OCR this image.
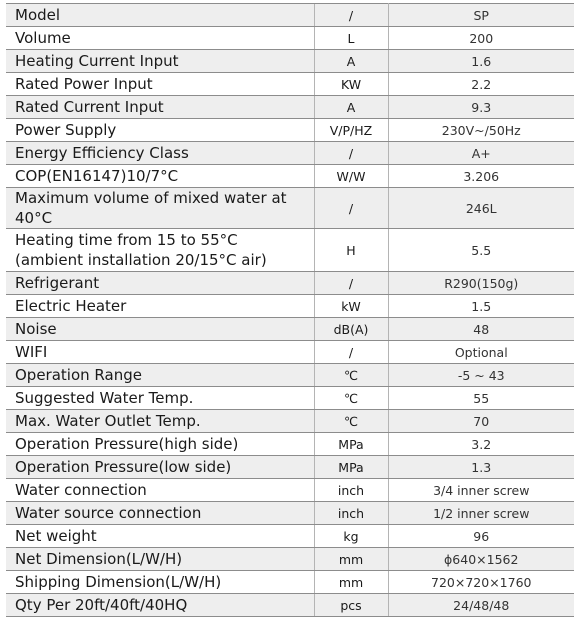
Model	/	SP
Volume	L	200
Heating Current Input	A	1.6
Rated Power Input	KW	2.2
Rated Current Input	A	9.3
Power Supply	V/P/HZ	230V~/50Hz
Energy Efficiency Class	/	A+
COP(EN16147)10/7°C	W/W	3.206
Maximum volume of mixed water at 40°C	/	246L
Heating time from 15 to 55°C
(ambient installation 20/15°C air)	H	5.5
Refrigerant	/	R290(150g)
Electric Heater	kW	1.5
Noise	dB(A)	48
WIFI	/	Optional
Operation Range	℃	-5 ~ 43
Suggested Water Temp.	℃	55
Max. Water Outlet Temp.	℃	70
Operation Pressure(high side)	MPa	3.2
Operation Pressure(low side)	MPa	1.3
Water connection	inch	3/4 inner screw
Water source connection	inch	1/2 inner screw
Net weight	kg	96
Net Dimension(L/W/H)	mm	ɸ640×1562
Shipping Dimension(L/W/H)	mm	720×720×1760
Qty Per 20ft/40ft/40HQ	pcs	24/48/48
